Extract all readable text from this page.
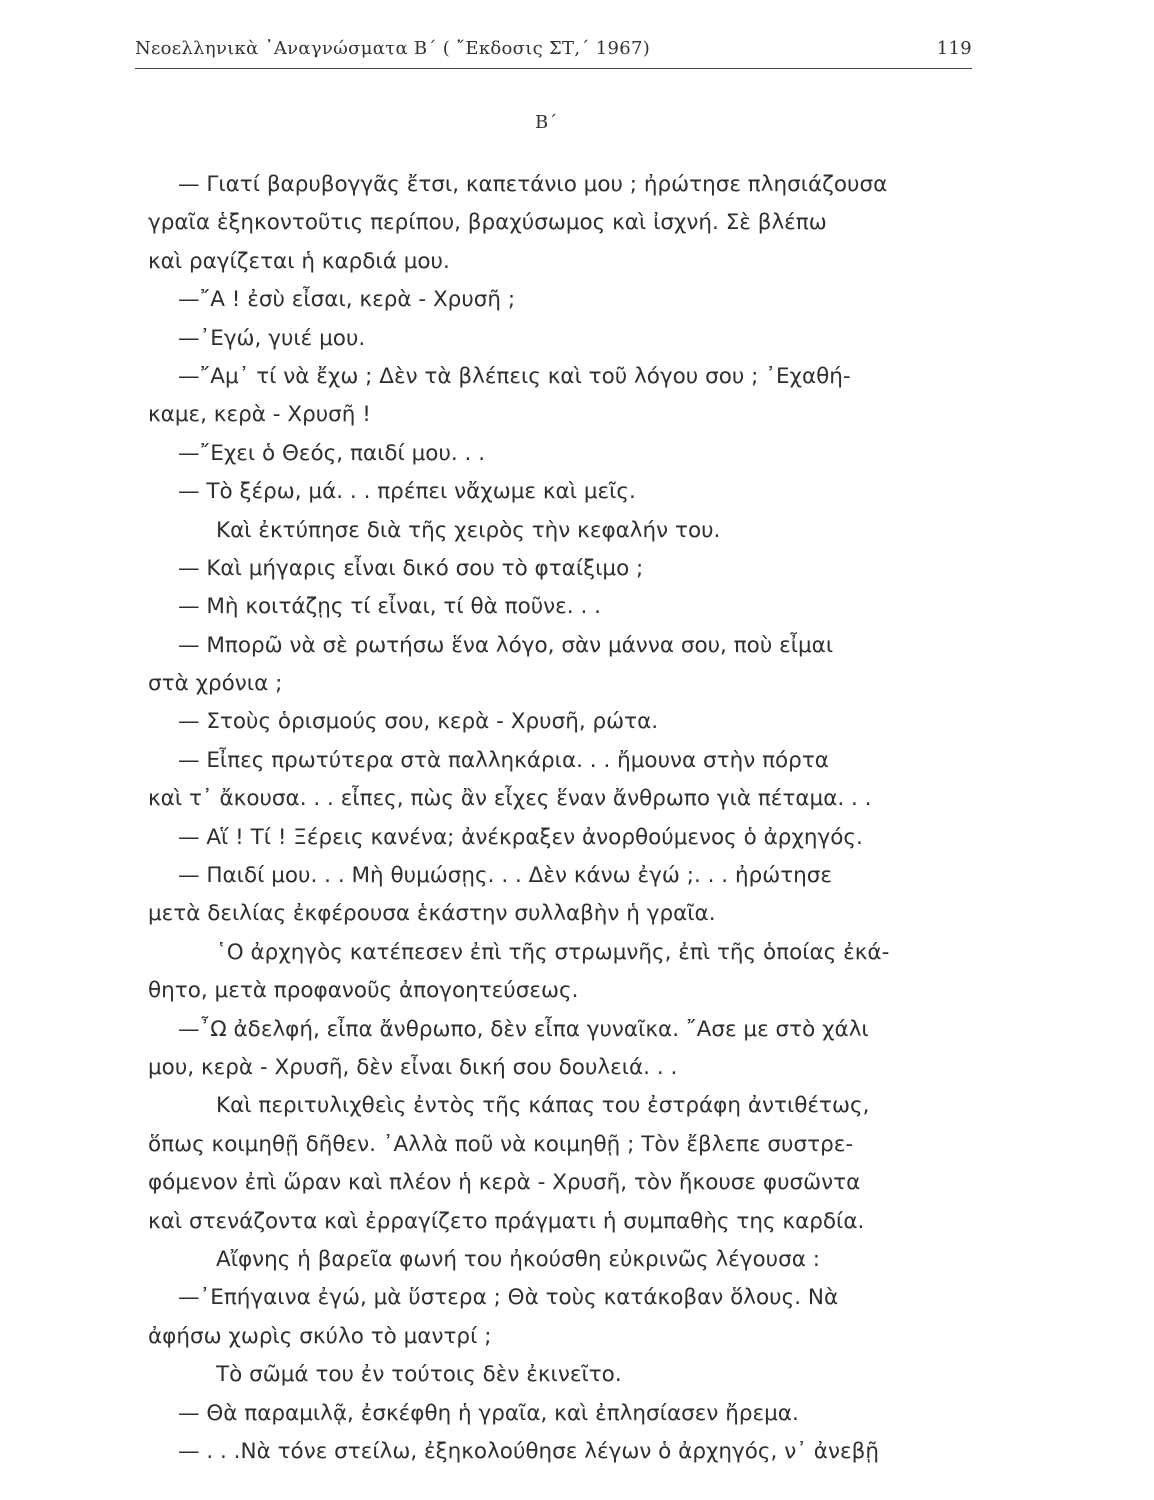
Νεοελληνικὰ ᾿Αναγνώσματα Β΄ ( ῎Εκδοσις ΣΤ,΄ 1967)	119
Β΄
— Γιατί βαρυβογγᾶς ἔτσι, καπετάνιο μου ; ἠρώτησε πλησιάζουσα
γραῖα ἑξηκοντοῦτις περίπου, βραχύσωμος καὶ ἰσχνή. Σὲ βλέπω
καὶ ραγίζεται ἡ καρδιά μου.
—῎Α ! ἐσὺ εἶσαι, κερὰ - Χρυσῆ ;
—᾿Εγώ, γυιέ μου.
—῎Αμ᾿ τί νὰ ἔχω ; Δὲν τὰ βλέπεις καὶ τοῦ λόγου σου ; ᾿Εχαθή-
καμε, κερὰ - Χρυσῆ !
—῎Εχει ὁ Θεός, παιδί μου. . .
— Τὸ ξέρω, μά. . . πρέπει νἄχωμε καὶ μεῖς.
Καὶ ἐκτύπησε διὰ τῆς χειρὸς τὴν κεφαλήν του.
— Καὶ μήγαρις εἶναι δικό σου τὸ φταίξιμο ;
— Μὴ κοιτάζῃς τί εἶναι, τί θὰ ποῦνε. . .
— Μπορῶ νὰ σὲ ρωτήσω ἕνα λόγο, σὰν μάννα σου, ποὺ εἶμαι
στὰ χρόνια ;
— Στοὺς ὁρισμούς σου, κερὰ - Χρυσῆ, ρώτα.
— Εἶπες πρωτύτερα στὰ παλληκάρια. . . ἤμουνα στὴν πόρτα
καὶ τ᾿ ἄκουσα. . . εἶπες, πὼς ἂν εἶχες ἕναν ἄνθρωπο γιὰ πέταμα. . .
— Αἵ ! Τί ! Ξέρεις κανένα; ἀνέκραξεν ἀνορθούμενος ὁ ἀρχηγός.
— Παιδί μου. . . Μὴ θυμώσῃς. . . Δὲν κάνω ἐγώ ;. . . ἠρώτησε
μετὰ δειλίας ἐκφέρουσα ἑκάστην συλλαβὴν ἡ γραῖα.
῾Ο ἀρχηγὸς κατέπεσεν ἐπὶ τῆς στρωμνῆς, ἐπὶ τῆς ὁποίας ἐκά-
θητο, μετὰ προφανοῦς ἀπογοητεύσεως.
—῏Ω ἀδελφή, εἶπα ἄνθρωπο, δὲν εἶπα γυναῖκα. ῎Ασε με στὸ χάλι
μου, κερὰ - Χρυσῆ, δὲν εἶναι δική σου δουλειά. . .
Καὶ περιτυλιχθεὶς ἐντὸς τῆς κάπας του ἐστράφη ἀντιθέτως,
ὅπως κοιμηθῇ δῆθεν. ᾿Αλλὰ ποῦ νὰ κοιμηθῇ ; Τὸν ἔβλεπε συστρε-
φόμενον ἐπὶ ὥραν καὶ πλέον ἡ κερὰ - Χρυσῆ, τὸν ἤκουσε φυσῶντα
καὶ στενάζοντα καὶ ἐρραγίζετο πράγματι ἡ συμπαθὴς της καρδία.
Αἴφνης ἡ βαρεῖα φωνή του ἠκούσθη εὐκρινῶς λέγουσα :
—᾿Επήγαινα ἐγώ, μὰ ὕστερα ; Θὰ τοὺς κατάκοβαν ὅλους. Νὰ
ἀφήσω χωρὶς σκύλο τὸ μαντρί ;
Τὸ σῶμά του ἐν τούτοις δὲν ἐκινεῖτο.
— Θὰ παραμιλᾷ, ἐσκέφθη ἡ γραῖα, καὶ ἐπλησίασεν ἤρεμα.
— . . .Νὰ τόνε στείλω, ἐξηκολούθησε λέγων ὁ ἀρχηγός, ν᾿ ἀνεβῇ
